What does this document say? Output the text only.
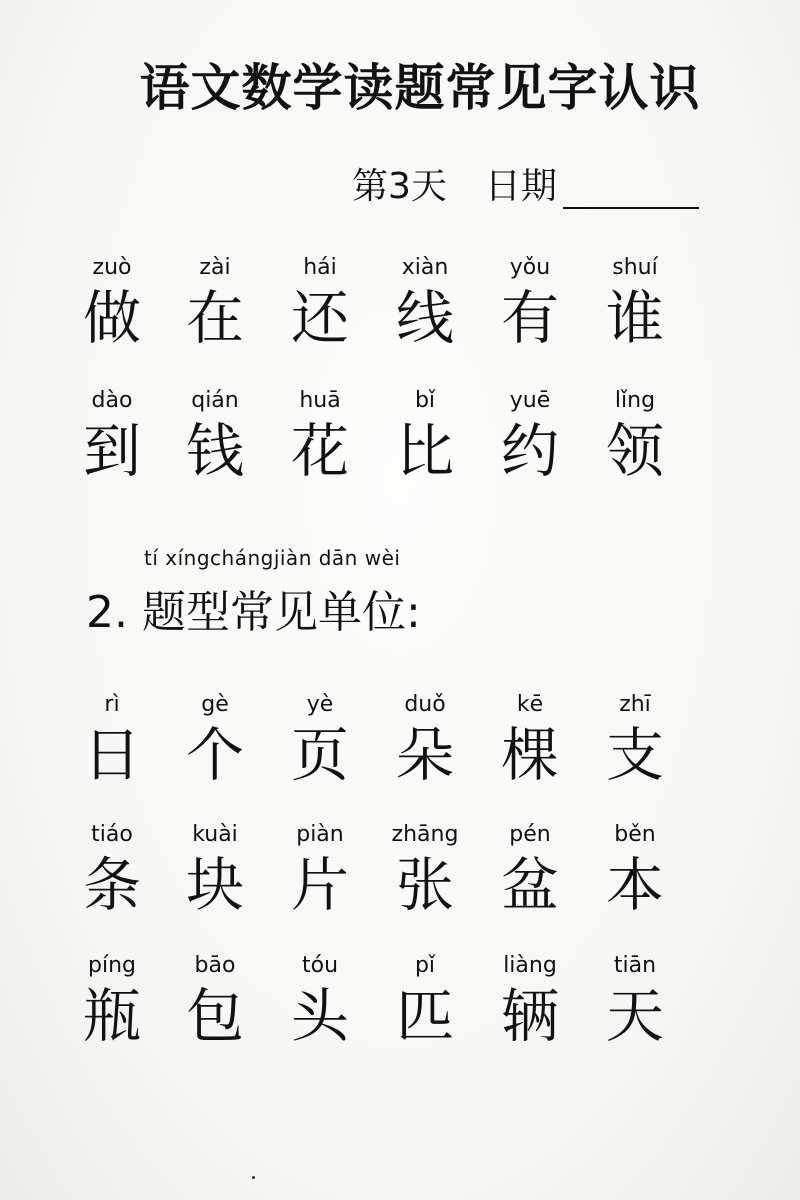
语文数学读题常见字认识
第3天 日期
zuò
做
zài
在
hái
还
xiàn
线
yǒu
有
shuí
谁
dào
到
qián
钱
huā
花
bǐ
比
yuē
约
lǐng
领
tí xíngchángjiàn dān wèi
2. 题型常见单位:
rì
日
gè
个
yè
页
duǒ
朵
kē
棵
zhī
支
tiáo
条
kuài
块
piàn
片
zhāng
张
pén
盆
běn
本
píng
瓶
bāo
包
tóu
头
pǐ
匹
liàng
辆
tiān
天
